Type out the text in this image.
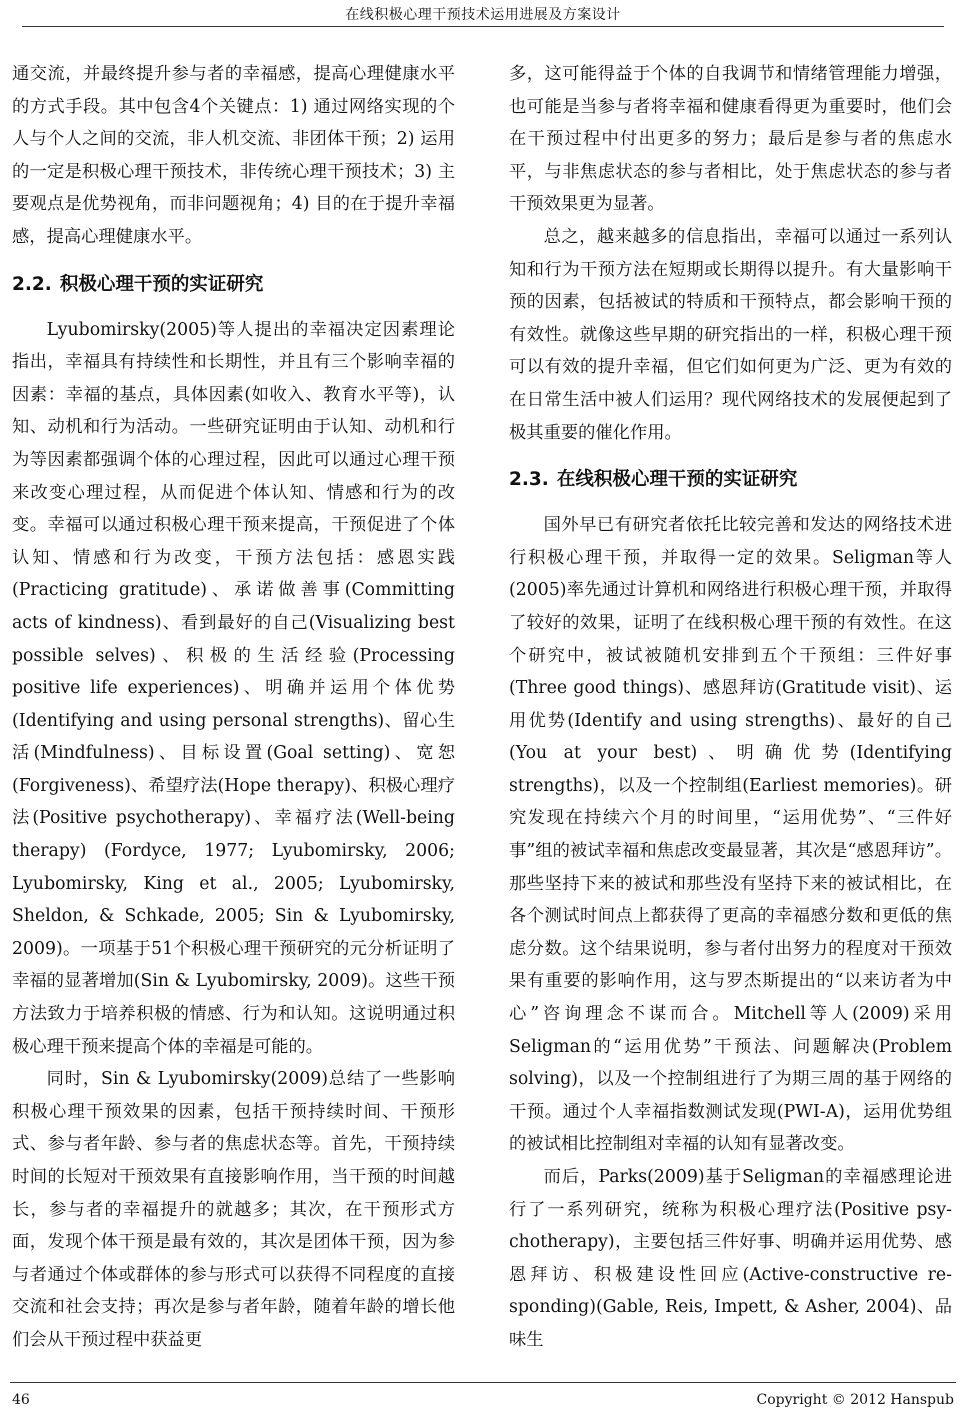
在线积极心理干预技术运用进展及方案设计

通交流，并最终提升参与者的幸福感，提高心理健康水平的方式手段。其中包含4个关键点：1) 通过网络实现的个人与个人之间的交流，非人机交流、非团体干预；2) 运用的一定是积极心理干预技术，非传统心理干预技术；3) 主要观点是优势视角，而非问题视角；4) 目的在于提升幸福感，提高心理健康水平。

2.2. 积极心理干预的实证研究

Lyubomirsky(2005)等人提出的幸福决定因素理论指出，幸福具有持续性和长期性，并且有三个影响幸福的因素：幸福的基点，具体因素(如收入、教育水平等)，认知、动机和行为活动。一些研究证明由于认知、动机和行为等因素都强调个体的心理过程，因此可以通过心理干预来改变心理过程，从而促进个体认知、情感和行为的改变。幸福可以通过积极心理干预来提高，干预促进了个体认知、情感和行为改变，干预方法包括：感恩实践(Practicing gratitude)、承诺做善事(Committing acts of kindness)、看到最好的自己(Visualizing best possible selves)、积极的生活经验(Processing positive life experiences)、明确并运用个体优势(Identifying and using personal strengths)、留心生活(Mindfulness)、目标设置(Goal setting)、宽恕(Forgiveness)、希望疗法(Hope therapy)、积极心理疗法(Positive psychotherapy)、幸福疗法(Well-being therapy) (Fordyce, 1977; Lyubomirsky, 2006; Lyubomirsky, King et al., 2005; Lyubomirsky, Sheldon, & Schkade, 2005; Sin & Lyubomirsky, 2009)。一项基于51个积极心理干预研究的元分析证明了幸福的显著增加(Sin & Lyubomirsky, 2009)。这些干预方法致力于培养积极的情感、行为和认知。这说明通过积极心理干预来提高个体的幸福是可能的。

同时，Sin & Lyubomirsky(2009)总结了一些影响积极心理干预效果的因素，包括干预持续时间、干预形式、参与者年龄、参与者的焦虑状态等。首先，干预持续时间的长短对干预效果有直接影响作用，当干预的时间越长，参与者的幸福提升的就越多；其次，在干预形式方面，发现个体干预是最有效的，其次是团体干预，因为参与者通过个体或群体的参与形式可以获得不同程度的直接交流和社会支持；再次是参与者年龄，随着年龄的增长他们会从干预过程中获益更

多，这可能得益于个体的自我调节和情绪管理能力增强，也可能是当参与者将幸福和健康看得更为重要时，他们会在干预过程中付出更多的努力；最后是参与者的焦虑水平，与非焦虑状态的参与者相比，处于焦虑状态的参与者干预效果更为显著。

总之，越来越多的信息指出，幸福可以通过一系列认知和行为干预方法在短期或长期得以提升。有大量影响干预的因素，包括被试的特质和干预特点，都会影响干预的有效性。就像这些早期的研究指出的一样，积极心理干预可以有效的提升幸福，但它们如何更为广泛、更为有效的在日常生活中被人们运用？现代网络技术的发展便起到了极其重要的催化作用。

2.3. 在线积极心理干预的实证研究

国外早已有研究者依托比较完善和发达的网络技术进行积极心理干预，并取得一定的效果。Seligman等人(2005)率先通过计算机和网络进行积极心理干预，并取得了较好的效果，证明了在线积极心理干预的有效性。在这个研究中，被试被随机安排到五个干预组：三件好事(Three good things)、感恩拜访(Gratitude visit)、运用优势(Identify and using strengths)、最好的自己(You at your best)、明确优势(Identifying strengths)，以及一个控制组(Earliest memories)。研究发现在持续六个月的时间里，“运用优势”、“三件好事”组的被试幸福和焦虑改变最显著，其次是“感恩拜访”。那些坚持下来的被试和那些没有坚持下来的被试相比，在各个测试时间点上都获得了更高的幸福感分数和更低的焦虑分数。这个结果说明，参与者付出努力的程度对干预效果有重要的影响作用，这与罗杰斯提出的“以来访者为中心”咨询理念不谋而合。Mitchell等人(2009)采用Seligman的“运用优势”干预法、问题解决(Problem solving)，以及一个控制组进行了为期三周的基于网络的干预。通过个人幸福指数测试发现(PWI-A)，运用优势组的被试相比控制组对幸福的认知有显著改变。

而后，Parks(2009)基于Seligman的幸福感理论进行了一系列研究，统称为积极心理疗法(Positive psy-chotherapy)，主要包括三件好事、明确并运用优势、感恩拜访、积极建设性回应(Active-constructive re-sponding)(Gable, Reis, Impett, & Asher, 2004)、品味生

46	Copyright © 2012 Hanspub
